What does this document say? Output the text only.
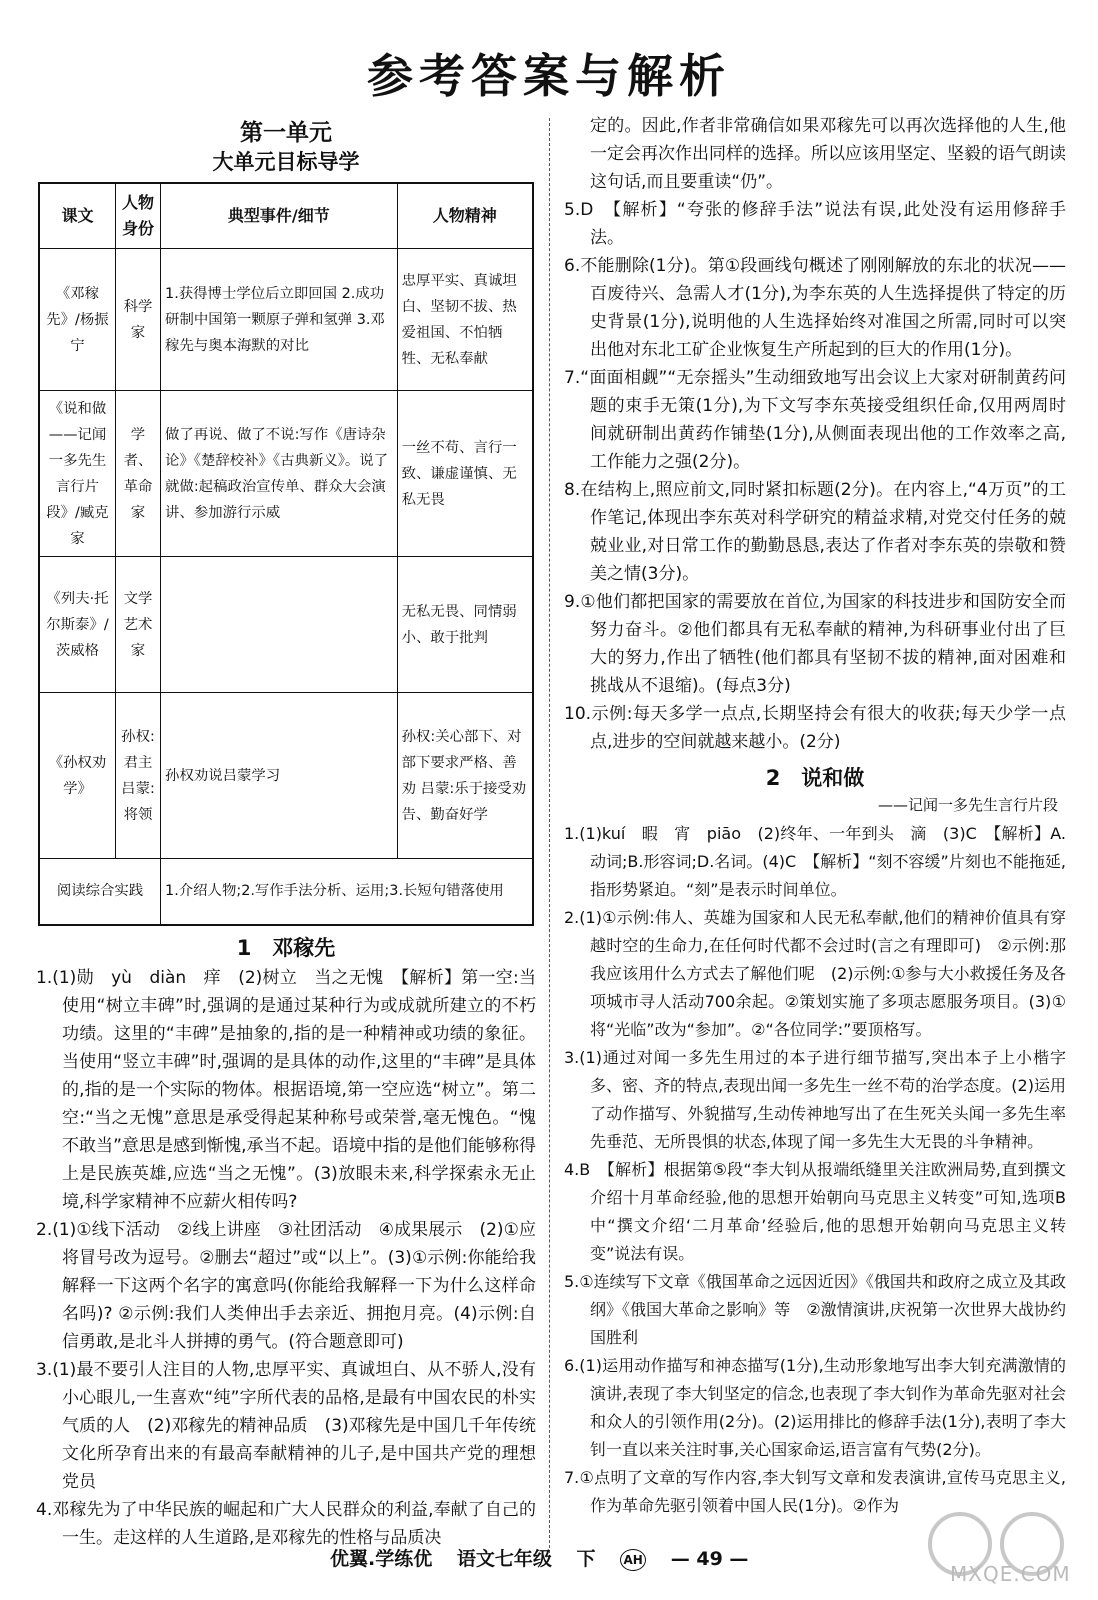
参考答案与解析

第一单元

大单元目标导学

课文	人物身份	典型事件/细节	人物精神
《邓稼先》/杨振宁	科学家	1.获得博士学位后立即回国 2.成功研制中国第一颗原子弹和氢弹 3.邓稼先与奥本海默的对比	忠厚平实、真诚坦白、坚韧不拔、热爱祖国、不怕牺牲、无私奉献
《说和做——记闻一多先生言行片段》/臧克家	学者、革命家	做了再说、做了不说:写作《唐诗杂论》《楚辞校补》《古典新义》。说了就做:起稿政治宣传单、群众大会演讲、参加游行示威	一丝不苟、言行一致、谦虚谨慎、无私无畏
《列夫·托尔斯泰》/茨威格	文学艺术家		无私无畏、同情弱小、敢于批判
《孙权劝学》	孙权:君主 吕蒙:将领	孙权劝说吕蒙学习	孙权:关心部下、对部下要求严格、善劝 吕蒙:乐于接受劝告、勤奋好学
阅读综合实践		1.介绍人物;2.写作手法分析、运用;3.长短句错落使用	

1　邓稼先

1.(1)勋　yù　diàn　痒　(2)树立　当之无愧　【解析】第一空:当使用“树立丰碑”时,强调的是通过某种行为或成就所建立的不朽功绩。这里的“丰碑”是抽象的,指的是一种精神或功绩的象征。当使用“竖立丰碑”时,强调的是具体的动作,这里的“丰碑”是具体的,指的是一个实际的物体。根据语境,第一空应选“树立”。第二空:“当之无愧”意思是承受得起某种称号或荣誉,毫无愧色。“愧不敢当”意思是感到惭愧,承当不起。语境中指的是他们能够称得上是民族英雄,应选“当之无愧”。(3)放眼未来,科学探索永无止境,科学家精神不应薪火相传吗?

2.(1)①线下活动　②线上讲座　③社团活动　④成果展示　(2)①应将冒号改为逗号。②删去“超过”或“以上”。(3)①示例:你能给我解释一下这两个名字的寓意吗(你能给我解释一下为什么这样命名吗)? ②示例:我们人类伸出手去亲近、拥抱月亮。(4)示例:自信勇敢,是北斗人拼搏的勇气。(符合题意即可)

3.(1)最不要引人注目的人物,忠厚平实、真诚坦白、从不骄人,没有小心眼儿,一生喜欢“纯”字所代表的品格,是最有中国农民的朴实气质的人　(2)邓稼先的精神品质　(3)邓稼先是中国几千年传统文化所孕育出来的有最高奉献精神的儿子,是中国共产党的理想党员

4.邓稼先为了中华民族的崛起和广大人民群众的利益,奉献了自己的一生。走这样的人生道路,是邓稼先的性格与品质决

定的。因此,作者非常确信如果邓稼先可以再次选择他的人生,他一定会再次作出同样的选择。所以应该用坚定、坚毅的语气朗读这句话,而且要重读“仍”。

5.D　【解析】“夸张的修辞手法”说法有误,此处没有运用修辞手法。

6.不能删除(1分)。第①段画线句概述了刚刚解放的东北的状况——百废待兴、急需人才(1分),为李东英的人生选择提供了特定的历史背景(1分),说明他的人生选择始终对准国之所需,同时可以突出他对东北工矿企业恢复生产所起到的巨大的作用(1分)。

7.“面面相觑”“无奈摇头”生动细致地写出会议上大家对研制黄药问题的束手无策(1分),为下文写李东英接受组织任命,仅用两周时间就研制出黄药作铺垫(1分),从侧面表现出他的工作效率之高,工作能力之强(2分)。

8.在结构上,照应前文,同时紧扣标题(2分)。在内容上,“4万页”的工作笔记,体现出李东英对科学研究的精益求精,对党交付任务的兢兢业业,对日常工作的勤勤恳恳,表达了作者对李东英的崇敬和赞美之情(3分)。

9.①他们都把国家的需要放在首位,为国家的科技进步和国防安全而努力奋斗。②他们都具有无私奉献的精神,为科研事业付出了巨大的努力,作出了牺牲(他们都具有坚韧不拔的精神,面对困难和挑战从不退缩)。(每点3分)

10.示例:每天多学一点点,长期坚持会有很大的收获;每天少学一点点,进步的空间就越来越小。(2分)

2　说和做

——记闻一多先生言行片段

1.(1)kuí　暇　宵　piāo　(2)终年、一年到头　滴　(3)C　【解析】A.动词;B.形容词;D.名词。(4)C　【解析】“刻不容缓”片刻也不能拖延,指形势紧迫。“刻”是表示时间单位。

2.(1)①示例:伟人、英雄为国家和人民无私奉献,他们的精神价值具有穿越时空的生命力,在任何时代都不会过时(言之有理即可)　②示例:那我应该用什么方式去了解他们呢　(2)示例:①参与大小救援任务及各项城市寻人活动700余起。②策划实施了多项志愿服务项目。(3)①将“光临”改为“参加”。②“各位同学:”要顶格写。

3.(1)通过对闻一多先生用过的本子进行细节描写,突出本子上小楷字多、密、齐的特点,表现出闻一多先生一丝不苟的治学态度。(2)运用了动作描写、外貌描写,生动传神地写出了在生死关头闻一多先生率先垂范、无所畏惧的状态,体现了闻一多先生大无畏的斗争精神。

4.B　【解析】根据第⑤段“李大钊从报端纸缝里关注欧洲局势,直到撰文介绍十月革命经验,他的思想开始朝向马克思主义转变”可知,选项B中“撰文介绍‘二月革命’经验后,他的思想开始朝向马克思主义转变”说法有误。

5.①连续写下文章《俄国革命之远因近因》《俄国共和政府之成立及其政纲》《俄国大革命之影响》等　②激情演讲,庆祝第一次世界大战协约国胜利

6.(1)运用动作描写和神态描写(1分),生动形象地写出李大钊充满激情的演讲,表现了李大钊坚定的信念,也表现了李大钊作为革命先驱对社会和众人的引领作用(2分)。(2)运用排比的修辞手法(1分),表明了李大钊一直以来关注时事,关心国家命运,语言富有气势(2分)。

7.①点明了文章的写作内容,李大钊写文章和发表演讲,宣传马克思主义,作为革命先驱引领着中国人民(1分)。②作为

优翼.学练优 语文七年级 下 AH — 49 —
MXQE.COM
